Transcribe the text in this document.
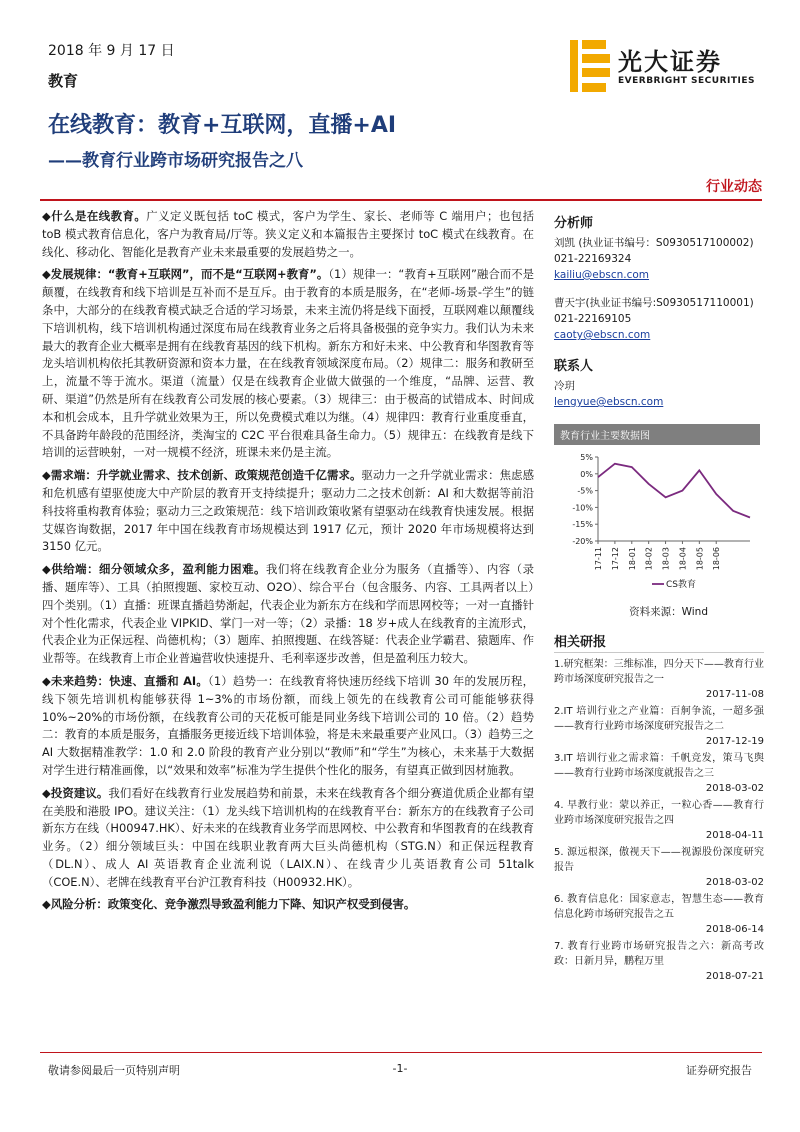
2018 年 9 月 17 日
教育
光大证券
EVERBRIGHT SECURITIES
在线教育：教育+互联网，直播+AI
——教育行业跨市场研究报告之八
行业动态

◆什么是在线教育。广义定义既包括 toC 模式，客户为学生、家长、老师等 C 端用户；也包括 toB 模式教育信息化，客户为教育局/厅等。狭义定义和本篇报告主要探讨 toC 模式在线教育。在线化、移动化、智能化是教育产业未来最重要的发展趋势之一。

◆发展规律：“教育+互联网”，而不是“互联网+教育”。（1）规律一：“教育+互联网”融合而不是颠覆，在线教育和线下培训是互补而不是互斥。由于教育的本质是服务，在“老师-场景-学生”的链条中，大部分的在线教育模式缺乏合适的学习场景，未来主流仍将是线下面授，互联网难以颠覆线下培训机构，线下培训机构通过深度布局在线教育业务之后将具备极强的竞争实力。我们认为未来最大的教育企业大概率是拥有在线教育基因的线下机构。新东方和好未来、中公教育和华图教育等龙头培训机构依托其教研资源和资本力量，在在线教育领域深度布局。（2）规律二：服务和教研至上，流量不等于流水。渠道（流量）仅是在线教育企业做大做强的一个维度，“品牌、运营、教研、渠道”仍然是所有在线教育公司发展的核心要素。（3）规律三：由于极高的试错成本、时间成本和机会成本，且升学就业效果为王，所以免费模式难以为继。（4）规律四：教育行业重度垂直，不具备跨年龄段的范围经济，类淘宝的 C2C 平台很难具备生命力。（5）规律五：在线教育是线下培训的运营映射，一对一规模不经济，班课未来仍是主流。

◆需求端：升学就业需求、技术创新、政策规范创造千亿需求。驱动力一之升学就业需求：焦虑感和危机感有望驱使庞大中产阶层的教育开支持续提升；驱动力二之技术创新：AI 和大数据等前沿科技将重构教育体验；驱动力三之政策规范：线下培训政策收紧有望驱动在线教育快速发展。根据艾媒咨询数据，2017 年中国在线教育市场规模达到 1917 亿元，预计 2020 年市场规模将达到 3150 亿元。

◆供给端：细分领域众多，盈利能力困难。我们将在线教育企业分为服务（直播等）、内容（录播、题库等）、工具（拍照搜题、家校互动、O2O）、综合平台（包含服务、内容、工具两者以上）四个类别。（1）直播：班课直播趋势渐起，代表企业为新东方在线和学而思网校等；一对一直播针对个性化需求，代表企业 VIPKID、掌门一对一等；（2）录播：18 岁+成人在线教育的主流形式，代表企业为正保远程、尚德机构；（3）题库、拍照搜题、在线答疑：代表企业学霸君、猿题库、作业帮等。在线教育上市企业普遍营收快速提升、毛利率逐步改善，但是盈利压力较大。

◆未来趋势：快速、直播和 AI。（1）趋势一：在线教育将快速历经线下培训 30 年的发展历程，线下领先培训机构能够获得 1~3%的市场份额，而线上领先的在线教育公司可能能够获得 10%~20%的市场份额，在线教育公司的天花板可能是同业务线下培训公司的 10 倍。（2）趋势二：教育的本质是服务，直播服务更接近线下培训体验，将是未来最重要产业风口。（3）趋势三之 AI 大数据精准教学：1.0 和 2.0 阶段的教育产业分别以“教师”和“学生”为核心，未来基于大数据对学生进行精准画像，以“效果和效率”标准为学生提供个性化的服务，有望真正做到因材施教。

◆投资建议。我们看好在线教育行业发展趋势和前景，未来在线教育各个细分赛道优质企业都有望在美股和港股 IPO。建议关注：（1）龙头线下培训机构的在线教育平台：新东方的在线教育子公司新东方在线（H00947.HK）、好未来的在线教育业务学而思网校、中公教育和华图教育的在线教育业务。（2）细分领域巨头：中国在线职业教育两大巨头尚德机构（STG.N）和正保远程教育（DL.N）、成人 AI 英语教育企业流利说（LAIX.N）、在线青少儿英语教育公司 51talk（COE.N）、老牌在线教育平台沪江教育科技（H00932.HK）。

◆风险分析：政策变化、竞争激烈导致盈利能力下降、知识产权受到侵害。

分析师
刘凯 (执业证书编号：S0930517100002)
021-22169324
kailiu@ebscn.com
曹天宇(执业证书编号:S0930517110001)
021-22169105
caoty@ebscn.com
联系人
冷玥
lengyue@ebscn.com
教育行业主要数据图
5%
0%
-5%
-10%
-15%
-20%
17-11 17-12 18-01 18-02 18-03 18-04 18-05 18-06
CS教育
资料来源：Wind
相关研报
1.研究框架：三维标准，四分天下——教育行业跨市场深度研究报告之一
2017-11-08
2.IT 培训行业之产业篇：百舸争流，一超多强——教育行业跨市场深度研究报告之二
2017-12-19
3.IT 培训行业之需求篇：千帆竞发，策马飞舆——教育行业跨市场深度就报告之三
2018-03-02
4. 早教行业：蒙以养正，一粒心香——教育行业跨市场深度研究报告之四
2018-04-11
5. 源远根深，傲视天下——视源股份深度研究报告
2018-03-02
6. 教育信息化：国家意志，智慧生态——教育信息化跨市场研究报告之五
2018-06-14
7. 教育行业跨市场研究报告之六：新高考改政：日新月异，鹏程万里
2018-07-21
敬请参阅最后一页特别声明	-1-	证券研究报告
